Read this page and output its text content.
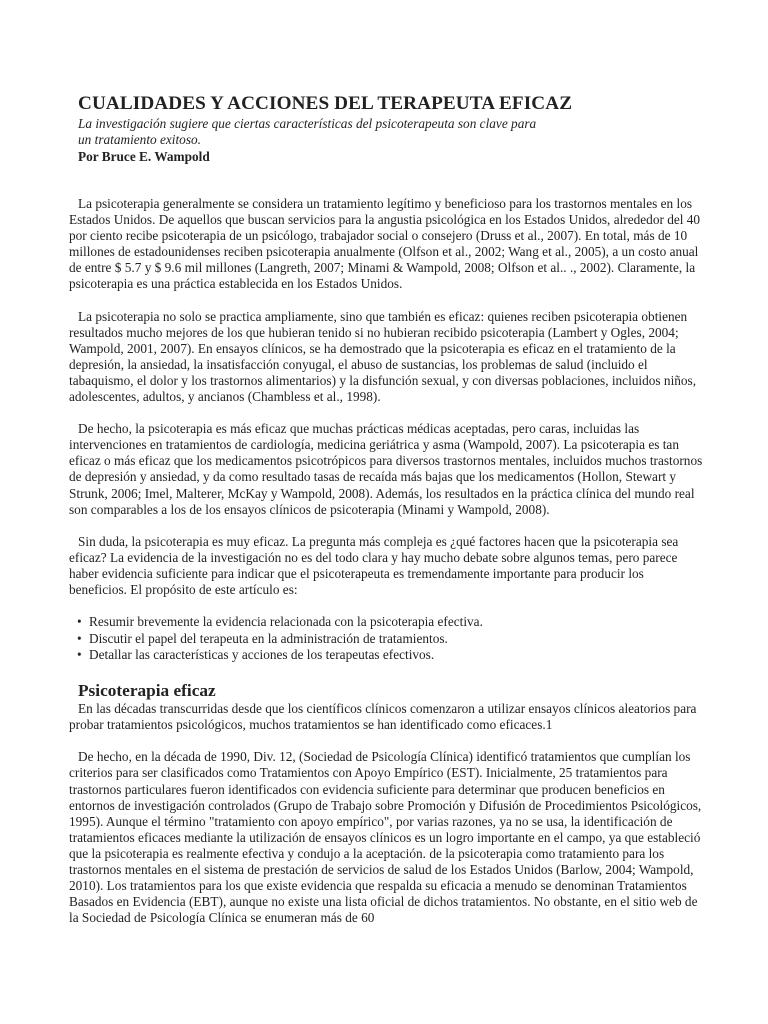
CUALIDADES Y ACCIONES DEL TERAPEUTA EFICAZ
La investigación sugiere que ciertas características del psicoterapeuta son clave para un tratamiento exitoso.
Por Bruce E. Wampold

La psicoterapia generalmente se considera un tratamiento legítimo y beneficioso para los trastornos mentales en los Estados Unidos. De aquellos que buscan servicios para la angustia psicológica en los Estados Unidos, alrededor del 40 por ciento recibe psicoterapia de un psicólogo, trabajador social o consejero (Druss et al., 2007). En total, más de 10 millones de estadounidenses reciben psicoterapia anualmente (Olfson et al., 2002; Wang et al., 2005), a un costo anual de entre $ 5.7 y $ 9.6 mil millones (Langreth, 2007; Minami & Wampold, 2008; Olfson et al.. ., 2002). Claramente, la psicoterapia es una práctica establecida en los Estados Unidos.

La psicoterapia no solo se practica ampliamente, sino que también es eficaz: quienes reciben psicoterapia obtienen resultados mucho mejores de los que hubieran tenido si no hubieran recibido psicoterapia (Lambert y Ogles, 2004; Wampold, 2001, 2007). En ensayos clínicos, se ha demostrado que la psicoterapia es eficaz en el tratamiento de la depresión, la ansiedad, la insatisfacción conyugal, el abuso de sustancias, los problemas de salud (incluido el tabaquismo, el dolor y los trastornos alimentarios) y la disfunción sexual, y con diversas poblaciones, incluidos niños, adolescentes, adultos, y ancianos (Chambless et al., 1998).

De hecho, la psicoterapia es más eficaz que muchas prácticas médicas aceptadas, pero caras, incluidas las intervenciones en tratamientos de cardiología, medicina geriátrica y asma (Wampold, 2007). La psicoterapia es tan eficaz o más eficaz que los medicamentos psicotrópicos para diversos trastornos mentales, incluidos muchos trastornos de depresión y ansiedad, y da como resultado tasas de recaída más bajas que los medicamentos (Hollon, Stewart y Strunk, 2006; Imel, Malterer, McKay y Wampold, 2008). Además, los resultados en la práctica clínica del mundo real son comparables a los de los ensayos clínicos de psicoterapia (Minami y Wampold, 2008).

Sin duda, la psicoterapia es muy eficaz. La pregunta más compleja es ¿qué factores hacen que la psicoterapia sea eficaz? La evidencia de la investigación no es del todo clara y hay mucho debate sobre algunos temas, pero parece haber evidencia suficiente para indicar que el psicoterapeuta es tremendamente importante para producir los beneficios. El propósito de este artículo es:

• Resumir brevemente la evidencia relacionada con la psicoterapia efectiva.
• Discutir el papel del terapeuta en la administración de tratamientos.
• Detallar las características y acciones de los terapeutas efectivos.
Psicoterapia eficaz

En las décadas transcurridas desde que los científicos clínicos comenzaron a utilizar ensayos clínicos aleatorios para probar tratamientos psicológicos, muchos tratamientos se han identificado como eficaces.1

De hecho, en la década de 1990, Div. 12, (Sociedad de Psicología Clínica) identificó tratamientos que cumplían los criterios para ser clasificados como Tratamientos con Apoyo Empírico (EST). Inicialmente, 25 tratamientos para trastornos particulares fueron identificados con evidencia suficiente para determinar que producen beneficios en entornos de investigación controlados (Grupo de Trabajo sobre Promoción y Difusión de Procedimientos Psicológicos, 1995). Aunque el término "tratamiento con apoyo empírico", por varias razones, ya no se usa, la identificación de tratamientos eficaces mediante la utilización de ensayos clínicos es un logro importante en el campo, ya que estableció que la psicoterapia es realmente efectiva y condujo a la aceptación. de la psicoterapia como tratamiento para los trastornos mentales en el sistema de prestación de servicios de salud de los Estados Unidos (Barlow, 2004; Wampold, 2010). Los tratamientos para los que existe evidencia que respalda su eficacia a menudo se denominan Tratamientos Basados en Evidencia (EBT), aunque no existe una lista oficial de dichos tratamientos. No obstante, en el sitio web de la Sociedad de Psicología Clínica se enumeran más de 60
